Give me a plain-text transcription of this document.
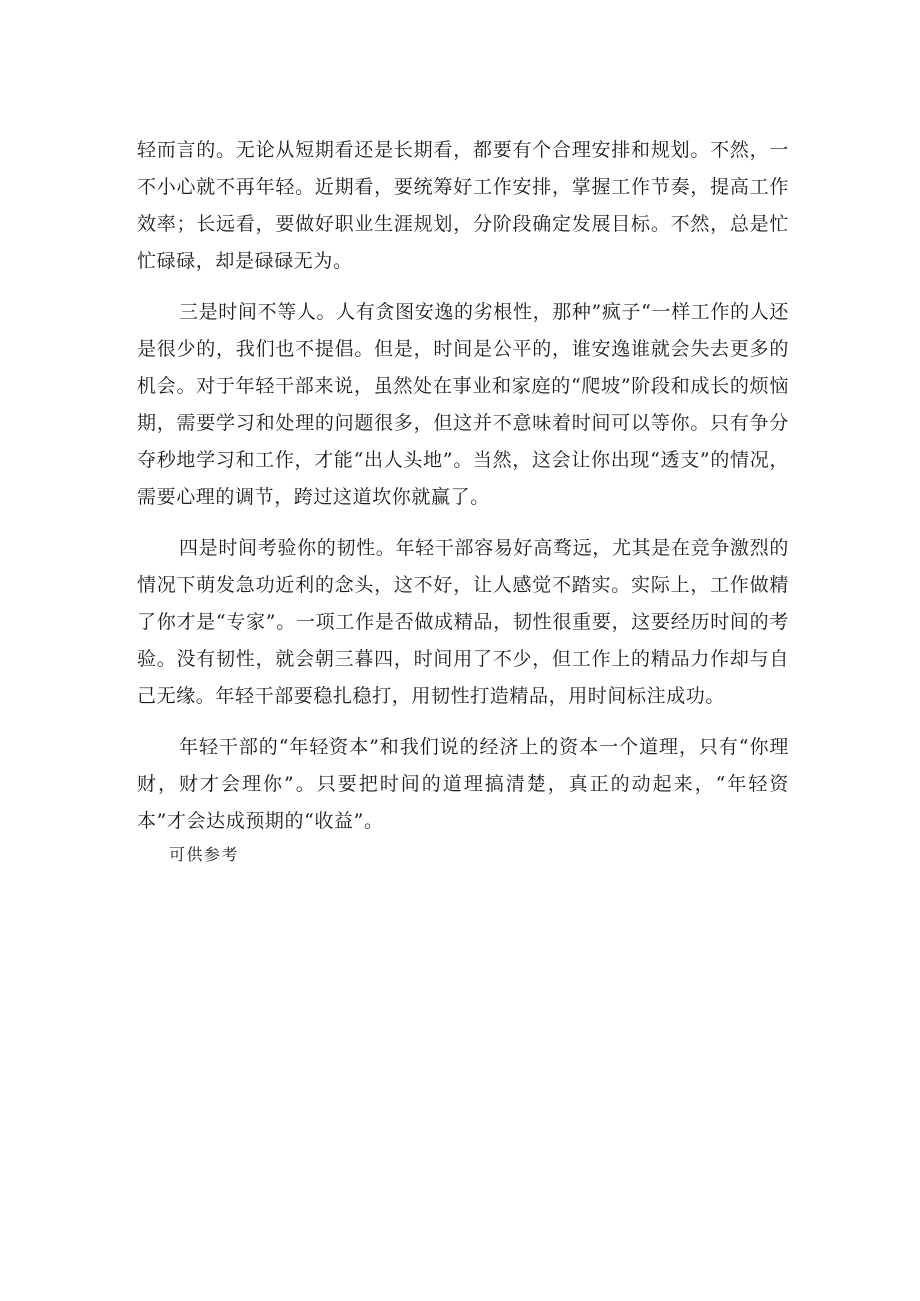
轻而言的。无论从短期看还是长期看，都要有个合理安排和规划。不然，一不小心就不再年轻。近期看，要统筹好工作安排，掌握工作节奏，提高工作效率；长远看，要做好职业生涯规划，分阶段确定发展目标。不然，总是忙忙碌碌，却是碌碌无为。

三是时间不等人。人有贪图安逸的劣根性，那种”疯子“一样工作的人还是很少的，我们也不提倡。但是，时间是公平的，谁安逸谁就会失去更多的机会。对于年轻干部来说，虽然处在事业和家庭的“爬坡”阶段和成长的烦恼期，需要学习和处理的问题很多，但这并不意味着时间可以等你。只有争分夺秒地学习和工作，才能“出人头地”。当然，这会让你出现“透支”的情况，需要心理的调节，跨过这道坎你就赢了。

四是时间考验你的韧性。年轻干部容易好高骛远，尤其是在竞争激烈的情况下萌发急功近利的念头，这不好，让人感觉不踏实。实际上，工作做精了你才是“专家”。一项工作是否做成精品，韧性很重要，这要经历时间的考验。没有韧性，就会朝三暮四，时间用了不少，但工作上的精品力作却与自己无缘。年轻干部要稳扎稳打，用韧性打造精品，用时间标注成功。

年轻干部的“年轻资本”和我们说的经济上的资本一个道理，只有“你理财，财才会理你”。只要把时间的道理搞清楚，真正的动起来，“年轻资本”才会达成预期的“收益”。

可供参考
